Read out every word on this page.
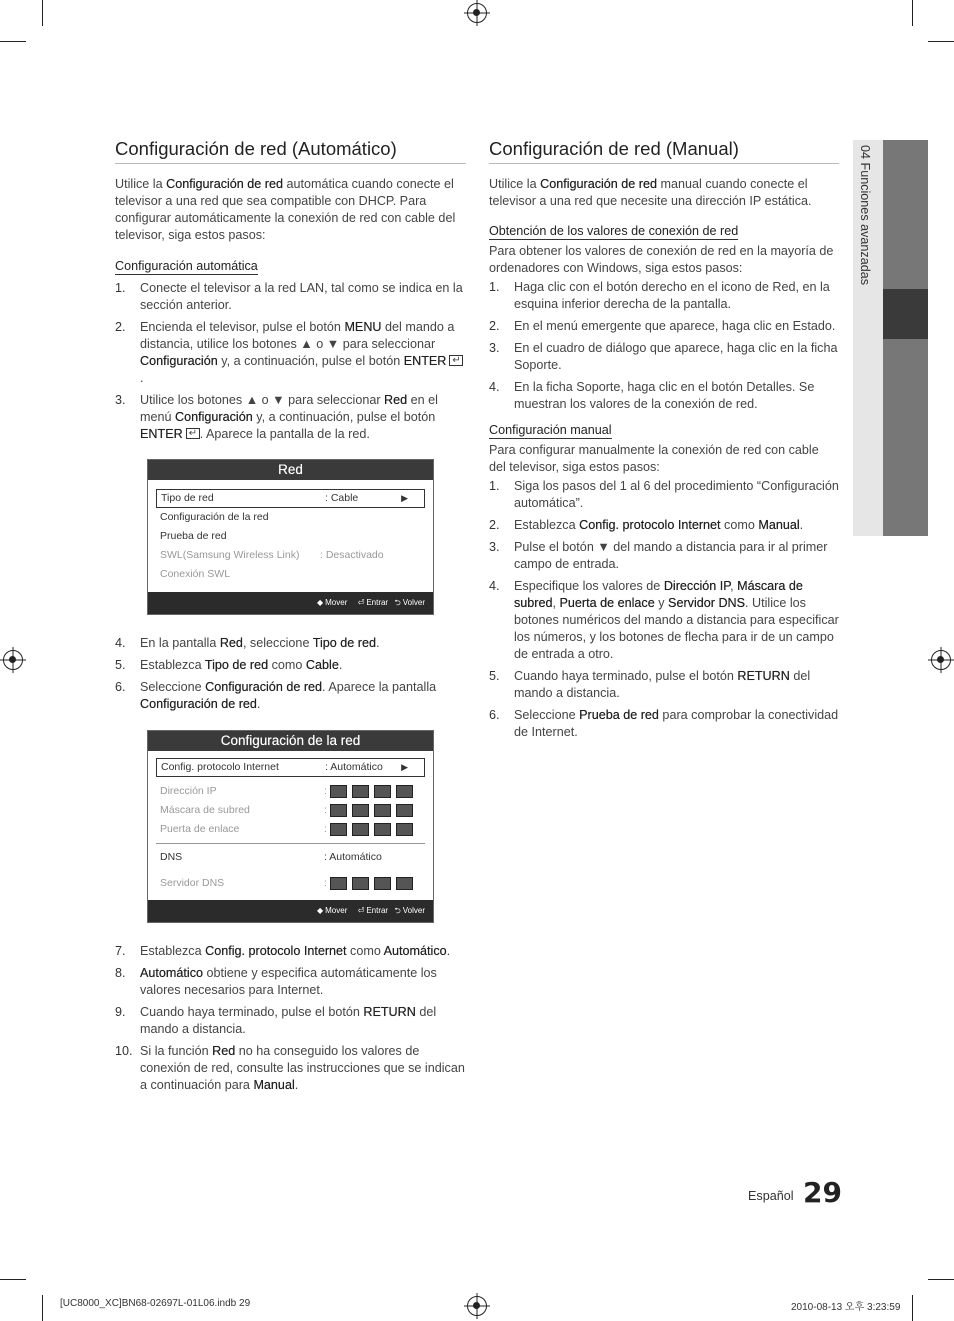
Configuración de red (Automático)

Utilice la Configuración de red automática cuando conecte el televisor a una red que sea compatible con DHCP. Para configurar automáticamente la conexión de red con cable del televisor, siga estos pasos:

Configuración automática
1.	Conecte el televisor a la red LAN, tal como se indica en la sección anterior.
2.	Encienda el televisor, pulse el botón MENU del mando a distancia, utilice los botones ▲ o ▼ para seleccionar Configuración y, a continuación, pulse el botón ENTER↵.
3.	Utilice los botones ▲ o ▼ para seleccionar Red en el menú Configuración y, a continuación, pulse el botón ENTER↵ . Aparece la pantalla de la red.
Red
Tipo de red	: Cable	▶
Configuración de la red
Prueba de red
SWL(Samsung Wireless Link) : Desactivado
Conexión SWL
◆ Mover ⏎ Entrar ⮌ Volver
4.	En la pantalla Red, seleccione Tipo de red.
5.	Establezca Tipo de red como Cable.
6.	Seleccione Configuración de red. Aparece la pantalla Configuración de red.
Configuración de la red
Config. protocolo Internet	: Automático ▶
Dirección IP	:
Máscara de subred	:
Puerta de enlace	:
DNS	: Automático
Servidor DNS	:
◆ Mover ⏎ Entrar ⮌ Volver
7.	Establezca Config. protocolo Internet como Automático.
8.	Automático obtiene y especifica automáticamente los valores necesarios para Internet.
9.	Cuando haya terminado, pulse el botón RETURN del mando a distancia.
10. Si la función Red no ha conseguido los valores de conexión de red, consulte las instrucciones que se indican a continuación para Manual.
Configuración de red (Manual)

Utilice la Configuración de red manual cuando conecte el televisor a una red que necesite una dirección IP estática.

Obtención de los valores de conexión de red

Para obtener los valores de conexión de red en la mayoría de ordenadores con Windows, siga estos pasos:

1.	Haga clic con el botón derecho en el icono de Red, en la esquina inferior derecha de la pantalla.
2.	En el menú emergente que aparece, haga clic en Estado.
3.	En el cuadro de diálogo que aparece, haga clic en la ficha Soporte.
4.	En la ficha Soporte, haga clic en el botón Detalles. Se muestran los valores de la conexión de red.
Configuración manual

Para configurar manualmente la conexión de red con cable del televisor, siga estos pasos:

1.	Siga los pasos del 1 al 6 del procedimiento “Configuración automática”.
2.	Establezca Config. protocolo Internet como Manual.
3.	Pulse el botón ▼ del mando a distancia para ir al primer campo de entrada.
4.	Especifique los valores de Dirección IP, Máscara de subred, Puerta de enlace y Servidor DNS. Utilice los botones numéricos del mando a distancia para especificar los números, y los botones de flecha para ir de un campo de entrada a otro.
5.	Cuando haya terminado, pulse el botón RETURN del mando a distancia.
6.	Seleccione Prueba de red para comprobar la conectividad de Internet.
04 Funciones avanzadas
Español 29
[UC8000_XC]BN68-02697L-01L06.indb 29	2010-08-13 오후 3:23:59
